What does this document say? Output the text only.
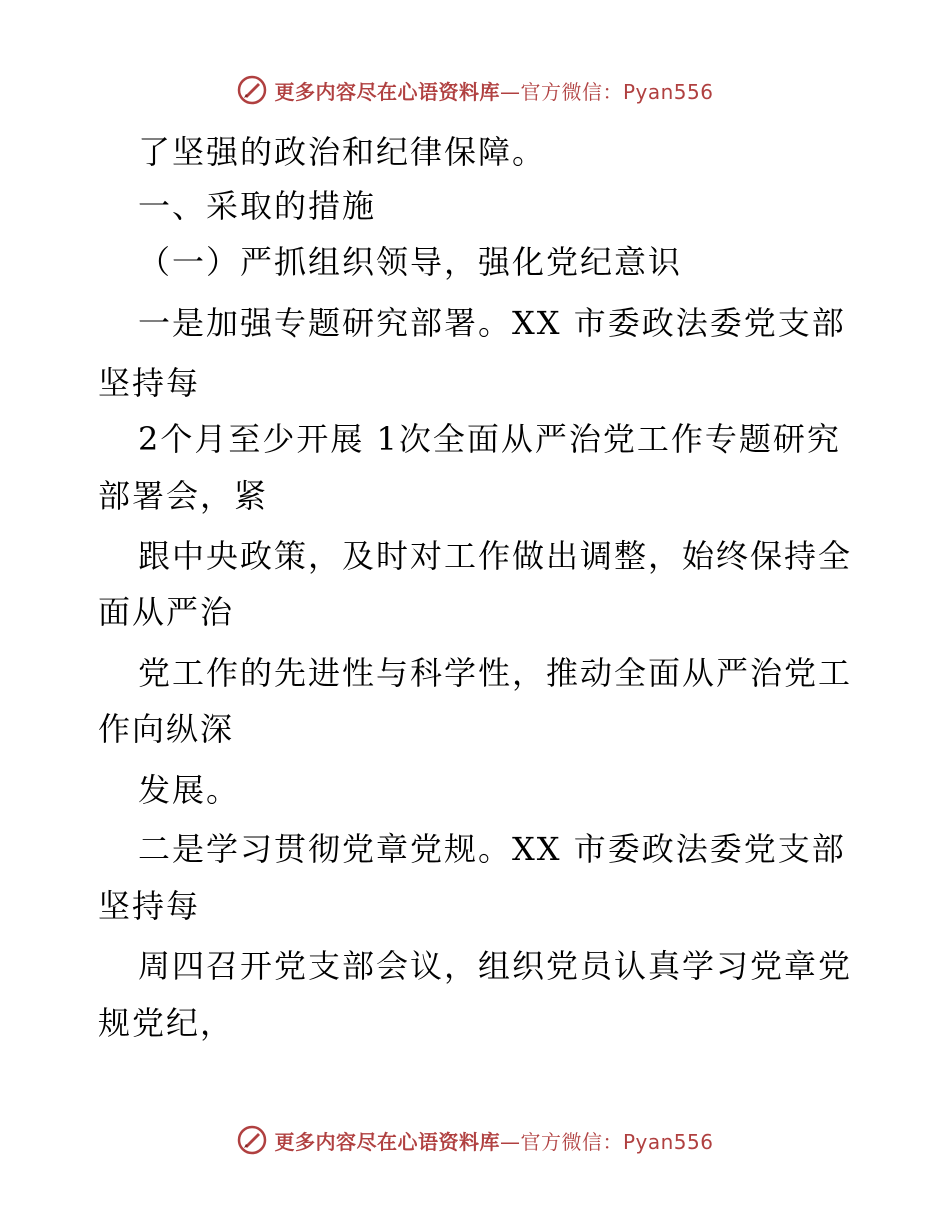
更多内容尽在心语资料库—官方微信：Pyan556
了坚强的政治和纪律保障。
一、采取的措施
（一）严抓组织领导，强化党纪意识
一是加强专题研究部署。XX 市委政法委党支部
坚持每
2个月至少开展 1次全面从严治党工作专题研究
部署会，紧
跟中央政策，及时对工作做出调整，始终保持全
面从严治
党工作的先进性与科学性，推动全面从严治党工
作向纵深
发展。
二是学习贯彻党章党规。XX 市委政法委党支部
坚持每
周四召开党支部会议，组织党员认真学习党章党
规党纪，
更多内容尽在心语资料库—官方微信：Pyan556
